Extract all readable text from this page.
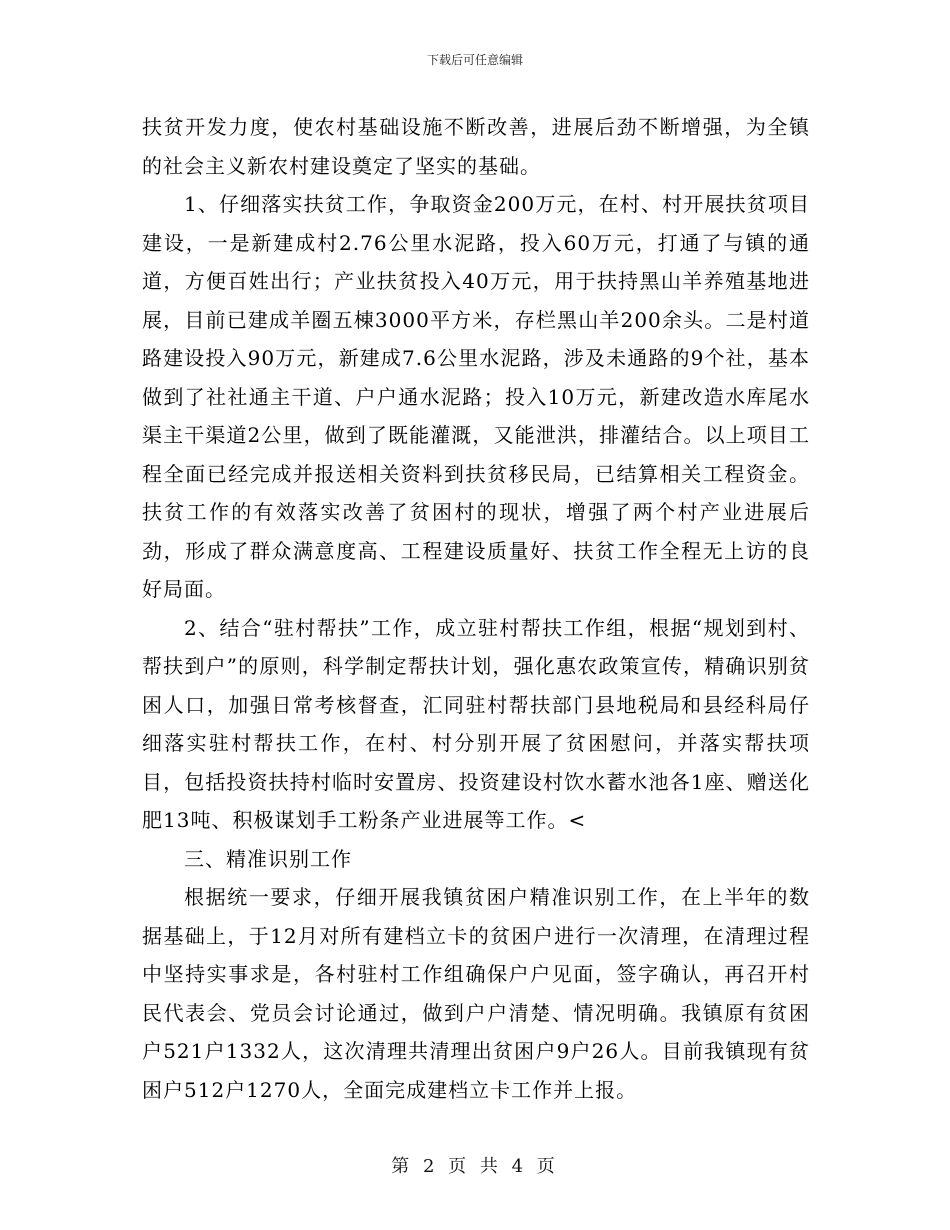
下载后可任意编辑

扶贫开发力度，使农村基础设施不断改善，进展后劲不断增强，为全镇的社会主义新农村建设奠定了坚实的基础。

1、仔细落实扶贫工作，争取资金200万元，在村、村开展扶贫项目建设，一是新建成村2.76公里水泥路，投入60万元，打通了与镇的通道，方便百姓出行；产业扶贫投入40万元，用于扶持黑山羊养殖基地进展，目前已建成羊圈五棟3000平方米，存栏黑山羊200余头。二是村道路建设投入90万元，新建成7.6公里水泥路，涉及未通路的9个社，基本做到了社社通主干道、户户通水泥路；投入10万元，新建改造水库尾水渠主干渠道2公里，做到了既能灌溉，又能泄洪，排灌结合。以上项目工程全面已经完成并报送相关资料到扶贫移民局，已结算相关工程资金。扶贫工作的有效落实改善了贫困村的现状，增强了两个村产业进展后劲，形成了群众满意度高、工程建设质量好、扶贫工作全程无上访的良好局面。

2、结合“驻村帮扶”工作，成立驻村帮扶工作组，根据“规划到村、帮扶到户”的原则，科学制定帮扶计划，强化惠农政策宣传，精确识别贫困人口，加强日常考核督查，汇同驻村帮扶部门县地税局和县经科局仔细落实驻村帮扶工作，在村、村分别开展了贫困慰问，并落实帮扶项目，包括投资扶持村临时安置房、投资建设村饮水蓄水池各1座、赠送化肥13吨、积极谋划手工粉条产业进展等工作。<

三、精准识别工作

根据统一要求，仔细开展我镇贫困户精准识别工作，在上半年的数据基础上，于12月对所有建档立卡的贫困户进行一次清理，在清理过程中坚持实事求是，各村驻村工作组确保户户见面，签字确认，再召开村民代表会、党员会讨论通过，做到户户清楚、情况明确。我镇原有贫困户521户1332人，这次清理共清理出贫困户9户26人。目前我镇现有贫困户512户1270人，全面完成建档立卡工作并上报。

第 2 页 共 4 页
